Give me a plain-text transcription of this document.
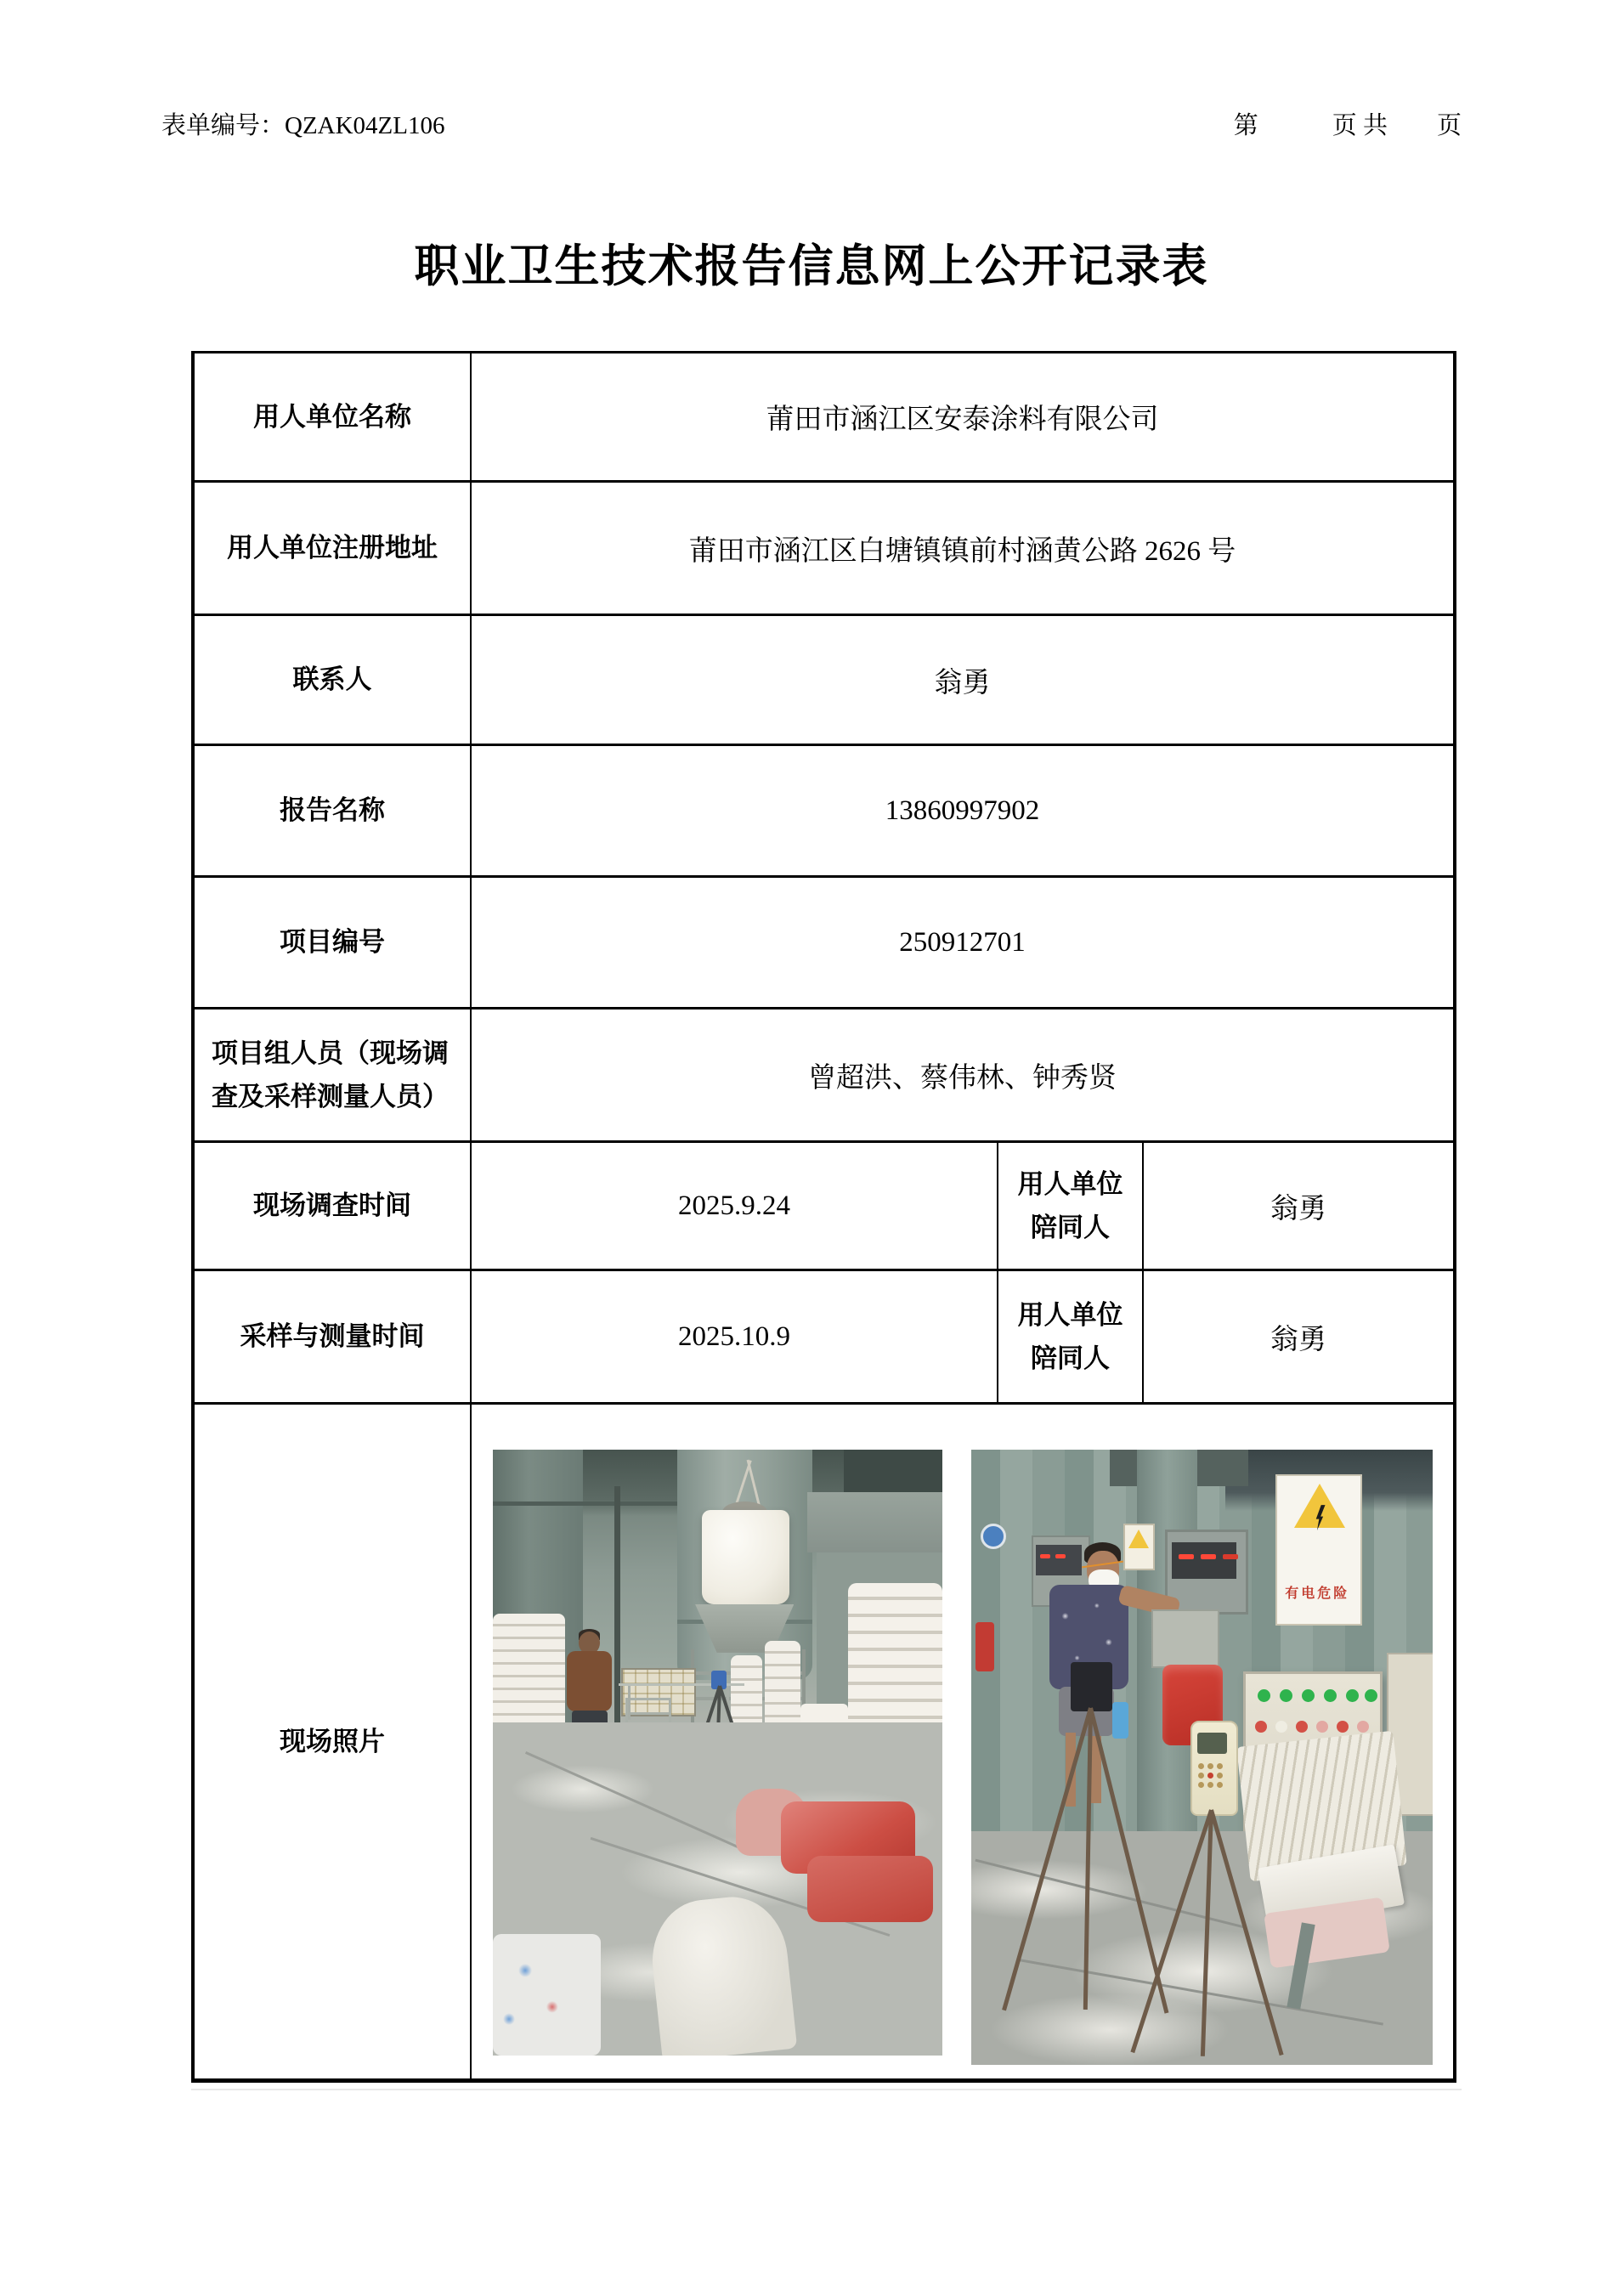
表单编号：QZAK04ZL106	第　　　页 共　　页
职业卫生技术报告信息网上公开记录表
用人单位名称	莆田市涵江区安泰涂料有限公司		
用人单位注册地址	莆田市涵江区白塘镇镇前村涵黄公路 2626 号		
联系人	翁勇		
报告名称	13860997902		
项目编号	250912701		
项目组人员（现场调查及采样测量人员）	曾超洪、蔡伟林、钟秀贤		
现场调查时间	2025.9.24	用人单位陪同人	翁勇
采样与测量时间	2025.10.9	用人单位陪同人	翁勇
现场照片	有电危险		
